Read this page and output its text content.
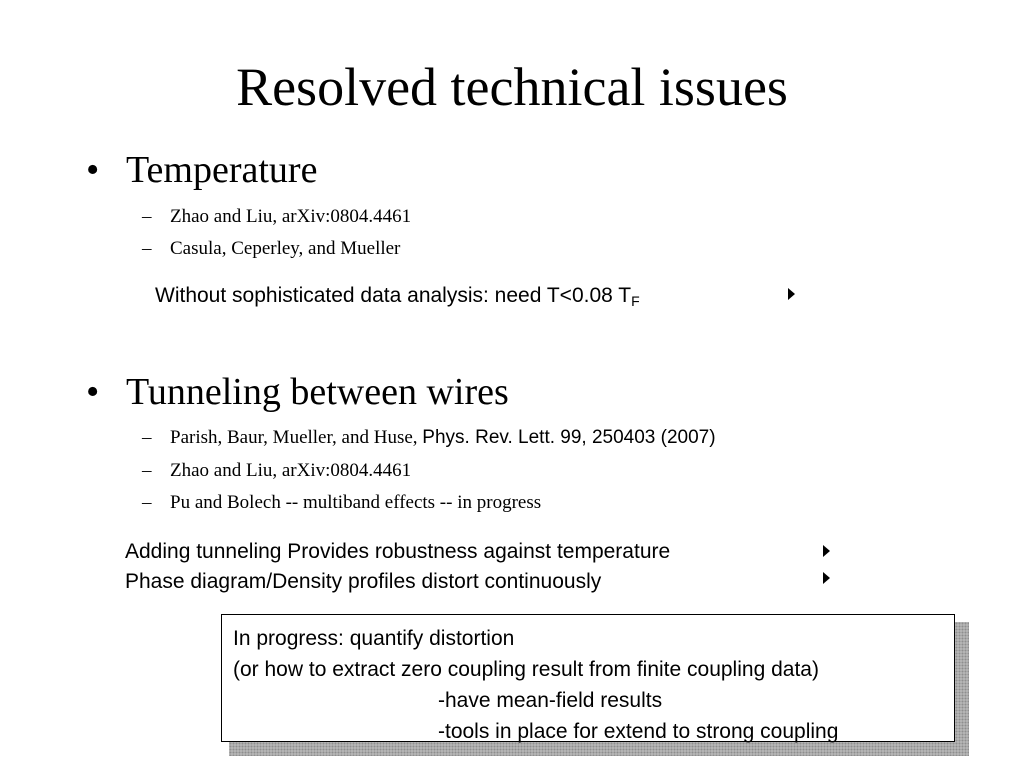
Resolved technical issues
• Temperature
– Zhao and Liu, arXiv:0804.4461
– Casula, Ceperley, and Mueller
Without sophisticated data analysis: need T<0.08 $T_F$
• Tunneling between wires
– Parish, Baur, Mueller, and Huse, Phys. Rev. Lett. 99, 250403 (2007)
– Zhao and Liu, arXiv:0804.4461
– Pu and Bolech -- multiband effects -- in progress
Adding tunneling Provides robustness against temperature
Phase diagram/Density profiles distort continuously
In progress: quantify distortion
(or how to extract zero coupling result from finite coupling data)
-have mean-field results
-tools in place for extend to strong coupling
